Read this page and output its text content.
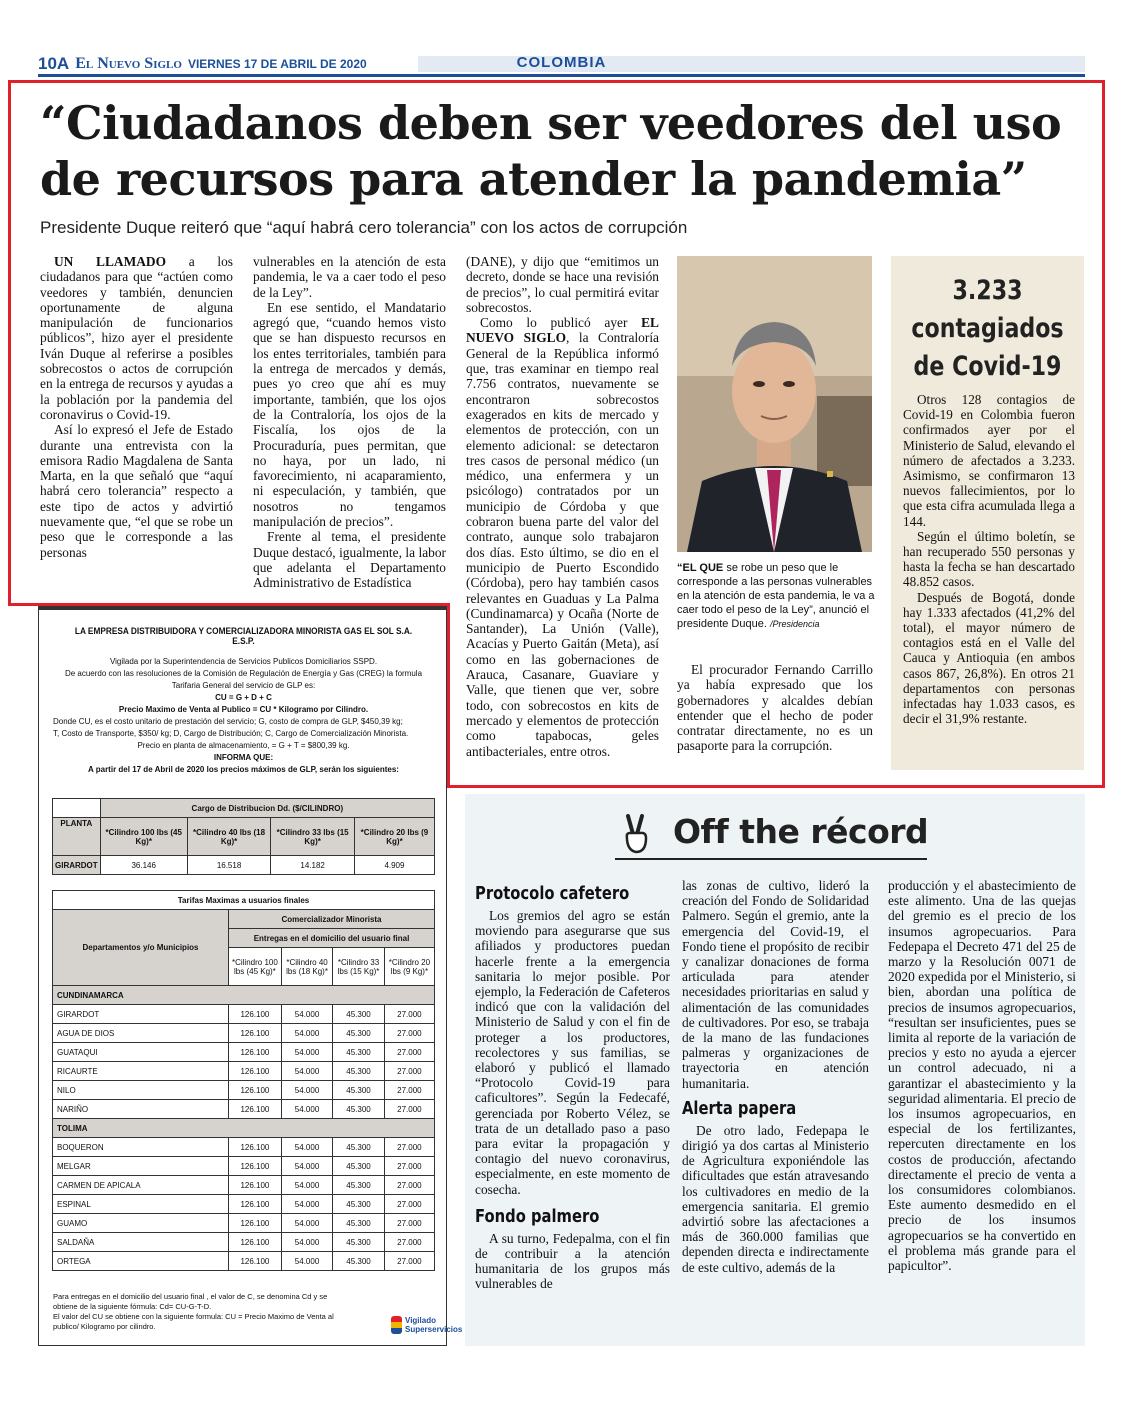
10A El Nuevo Siglo VIERNES 17 DE ABRIL DE 2020	COLOMBIA
“Ciudadanos deben ser veedores del uso
de recursos para atender la pandemia”
Presidente Duque reiteró que “aquí habrá cero tolerancia” con los actos de corrupción

UN LLAMADO a los ciudadanos para que “actúen como veedores y también, denuncien oportunamente de alguna manipulación de funcionarios públicos”, hizo ayer el presidente Iván Duque al referirse a posibles sobrecostos o actos de corrupción en la entrega de recursos y ayudas a la población por la pandemia del coronavirus o Covid-19.

Así lo expresó el Jefe de Estado durante una entrevista con la emisora Radio Magdalena de Santa Marta, en la que señaló que “aquí habrá cero tolerancia” respecto a este tipo de actos y advirtió nuevamente que, “el que se robe un peso que le corresponde a las personas

vulnerables en la atención de esta pandemia, le va a caer todo el peso de la Ley”.

En ese sentido, el Mandatario agregó que, “cuando hemos visto que se han dispuesto recursos en los entes territoriales, también para la entrega de mercados y demás, pues yo creo que ahí es muy importante, también, que los ojos de la Contraloría, los ojos de la Fiscalía, los ojos de la Procuraduría, pues permitan, que no haya, por un lado, ni favorecimiento, ni acaparamiento, ni especulación, y también, que nosotros no tengamos manipulación de precios”.

Frente al tema, el presidente Duque destacó, igualmente, la labor que adelanta el Departamento Administrativo de Estadística

(DANE), y dijo que “emitimos un decreto, donde se hace una revisión de precios”, lo cual permitirá evitar sobrecostos.

Como lo publicó ayer EL NUEVO SIGLO, la Contraloría General de la República informó que, tras examinar en tiempo real 7.756 contratos, nuevamente se encontraron sobrecostos exagerados en kits de mercado y elementos de protección, con un elemento adicional: se detectaron tres casos de personal médico (un médico, una enfermera y un psicólogo) contratados por un municipio de Córdoba y que cobraron buena parte del valor del contrato, aunque solo trabajaron dos días. Esto último, se dio en el municipio de Puerto Escondido (Córdoba), pero hay también casos relevantes en Guaduas y La Palma (Cundinamarca) y Ocaña (Norte de Santander), La Unión (Valle), Acacías y Puerto Gaitán (Meta), así como en las gobernaciones de Arauca, Casanare, Guaviare y Valle, que tienen que ver, sobre todo, con sobrecostos en kits de mercado y elementos de protección como tapabocas, geles antibacteriales, entre otros.

“EL QUE se robe un peso que le corresponde a las personas vulnerables en la atención de esta pandemia, le va a caer todo el peso de la Ley”, anunció el presidente Duque. /Presidencia

El procurador Fernando Carrillo ya había expresado que los gobernadores y alcaldes debían entender que el hecho de poder contratar directamente, no es un pasaporte para la corrupción.

3.233
contagiados
de Covid-19

Otros 128 contagios de Covid-19 en Colombia fueron confirmados ayer por el Ministerio de Salud, elevando el número de afectados a 3.233. Asimismo, se confirmaron 13 nuevos fallecimientos, por lo que esta cifra acumulada llega a 144.

Según el último boletín, se han recuperado 550 personas y hasta la fecha se han descartado 48.852 casos.

Después de Bogotá, donde hay 1.333 afectados (41,2% del total), el mayor número de contagios está en el Valle del Cauca y Antioquia (en ambos casos 867, 26,8%). En otros 21 departamentos con personas infectadas hay 1.033 casos, es decir el 31,9% restante.

LA EMPRESA DISTRIBUIDORA Y COMERCIALIZADORA MINORISTA GAS EL SOL S.A. E.S.P.
Vigilada por la Superintendencia de Servicios Publicos Domiciliarios SSPD.
De acuerdo con las resoluciones de la Comisión de Regulación de Energía y Gas (CREG) la formula
Tarifaria General del servicio de GLP es:
CU = G + D + C
Precio Maximo de Venta al Publico = CU * Kilogramo por Cilindro.
Donde CU, es el costo unitario de prestación del servicio; G, costo de compra de GLP, $450,39 kg;
T, Costo de Transporte, $350/ kg; D, Cargo de Distribución; C, Cargo de Comercialización Minorista.
Precio en planta de almacenamiento, = G + T = $800,39 kg.
INFORMA QUE:
A partir del 17 de Abril de 2020 los precios máximos de GLP, serán los siguientes:
	Cargo de Distribucion Dd. ($/CILINDRO)			
PLANTA	*Cilindro 100 lbs (45 Kg)*	*Cilindro 40 lbs (18 Kg)*	*Cilindro 33 lbs (15 Kg)*	*Cilindro 20 lbs (9 Kg)*
GIRARDOT	36.146	16.518	14.182	4.909
Tarifas Maximas a usuarios finales				
Departamentos y/o Municipios	Comercializador Minorista			
	Entregas en el domicilio del usuario final			
	*Cilindro 100 lbs (45 Kg)*	*Cilindro 40 lbs (18 Kg)*	*Cilindro 33 lbs (15 Kg)*	*Cilindro 20 lbs (9 Kg)*
CUNDINAMARCA				
GIRARDOT	126.100	54.000	45.300	27.000
AGUA DE DIOS	126.100	54.000	45.300	27.000
GUATAQUI	126.100	54.000	45.300	27.000
RICAURTE	126.100	54.000	45.300	27.000
NILO	126.100	54.000	45.300	27.000
NARIÑO	126.100	54.000	45.300	27.000
TOLIMA				
BOQUERON	126.100	54.000	45.300	27.000
MELGAR	126.100	54.000	45.300	27.000
CARMEN DE APICALA	126.100	54.000	45.300	27.000
ESPINAL	126.100	54.000	45.300	27.000
GUAMO	126.100	54.000	45.300	27.000
SALDAÑA	126.100	54.000	45.300	27.000
ORTEGA	126.100	54.000	45.300	27.000
Para entregas en el domicilio del usuario final , el valor de C, se denomina Cd y se obtiene de la siguiente fórmula: Cd= CU-G-T-D.
El valor del CU se obtiene con la siguiente formula: CU = Precio Maximo de Venta al publico/ Kilogramo por cilindro.
Vigilado
Superservicios
Off the récord
Protocolo cafetero

Los gremios del agro se están moviendo para asegurarse que sus afiliados y productores puedan hacerle frente a la emergencia sanitaria lo mejor posible. Por ejemplo, la Federación de Cafeteros indicó que con la validación del Ministerio de Salud y con el fin de proteger a los productores, recolectores y sus familias, se elaboró y publicó el llamado “Protocolo Covid-19 para caficultores”. Según la Fedecafé, gerenciada por Roberto Vélez, se trata de un detallado paso a paso para evitar la propagación y contagio del nuevo coronavirus, especialmente, en este momento de cosecha.

Fondo palmero

A su turno, Fedepalma, con el fin de contribuir a la atención humanitaria de los grupos más vulnerables de

las zonas de cultivo, lideró la creación del Fondo de Solidaridad Palmero. Según el gremio, ante la emergencia del Covid-19, el Fondo tiene el propósito de recibir y canalizar donaciones de forma articulada para atender necesidades prioritarias en salud y alimentación de las comunidades de cultivadores. Por eso, se trabaja de la mano de las fundaciones palmeras y organizaciones de trayectoria en atención humanitaria.

Alerta papera

De otro lado, Fedepapa le dirigió ya dos cartas al Ministerio de Agricultura exponiéndole las dificultades que están atravesando los cultivadores en medio de la emergencia sanitaria. El gremio advirtió sobre las afectaciones a más de 360.000 familias que dependen directa e indirectamente de este cultivo, además de la

producción y el abastecimiento de este alimento. Una de las quejas del gremio es el precio de los insumos agropecuarios. Para Fedepapa el Decreto 471 del 25 de marzo y la Resolución 0071 de 2020 expedida por el Ministerio, si bien, abordan una política de precios de insumos agropecuarios, “resultan ser insuficientes, pues se limita al reporte de la variación de precios y esto no ayuda a ejercer un control adecuado, ni a garantizar el abastecimiento y la seguridad alimentaria. El precio de los insumos agropecuarios, en especial de los fertilizantes, repercuten directamente en los costos de producción, afectando directamente el precio de venta a los consumidores colombianos. Este aumento desmedido en el precio de los insumos agropecuarios se ha convertido en el problema más grande para el papicultor”.
